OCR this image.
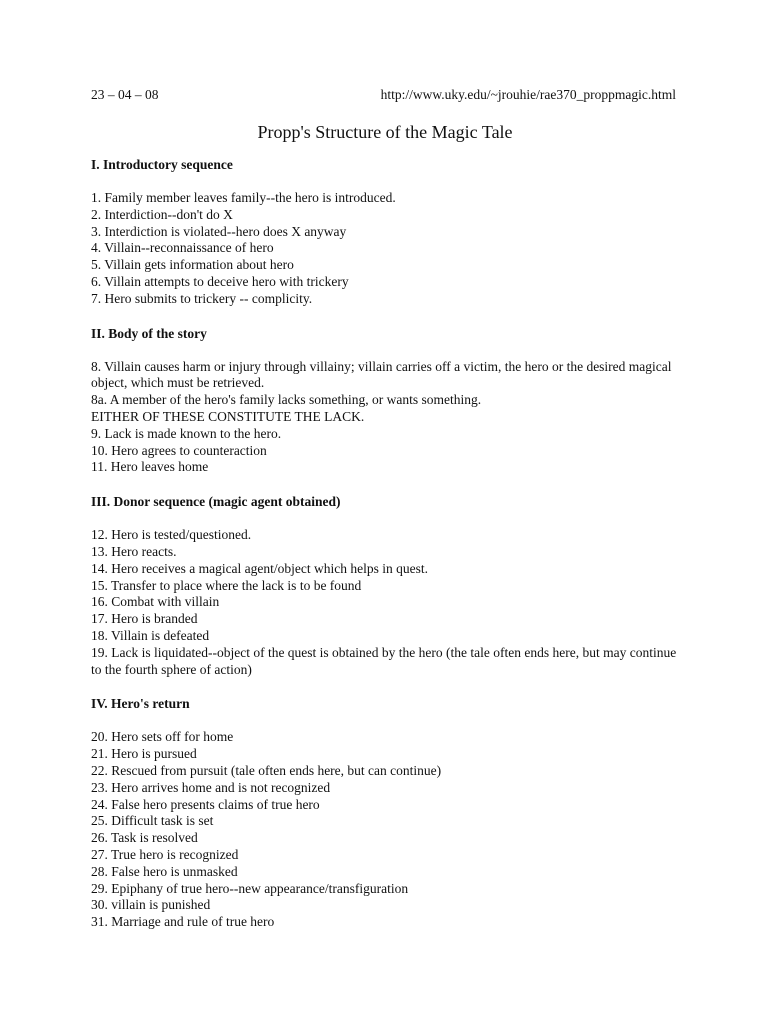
23 – 04 – 08	http://www.uky.edu/~jrouhie/rae370_proppmagic.html
Propp's Structure of the Magic Tale
I. Introductory sequence
1. Family member leaves family--the hero is introduced.
2. Interdiction--don't do X
3. Interdiction is violated--hero does X anyway
4. Villain--reconnaissance of hero
5. Villain gets information about hero
6. Villain attempts to deceive hero with trickery
7. Hero submits to trickery -- complicity.
II. Body of the story
8. Villain causes harm or injury through villainy; villain carries off a victim, the hero or the desired magical object, which must be retrieved.
8a. A member of the hero's family lacks something, or wants something.
EITHER OF THESE CONSTITUTE THE LACK.
9. Lack is made known to the hero.
10. Hero agrees to counteraction
11. Hero leaves home
III. Donor sequence (magic agent obtained)
12. Hero is tested/questioned.
13. Hero reacts.
14. Hero receives a magical agent/object which helps in quest.
15. Transfer to place where the lack is to be found
16. Combat with villain
17. Hero is branded
18. Villain is defeated
19. Lack is liquidated--object of the quest is obtained by the hero (the tale often ends here, but may continue to the fourth sphere of action)
IV. Hero's return
20. Hero sets off for home
21. Hero is pursued
22. Rescued from pursuit (tale often ends here, but can continue)
23. Hero arrives home and is not recognized
24. False hero presents claims of true hero
25. Difficult task is set
26. Task is resolved
27. True hero is recognized
28. False hero is unmasked
29. Epiphany of true hero--new appearance/transfiguration
30. villain is punished
31. Marriage and rule of true hero
